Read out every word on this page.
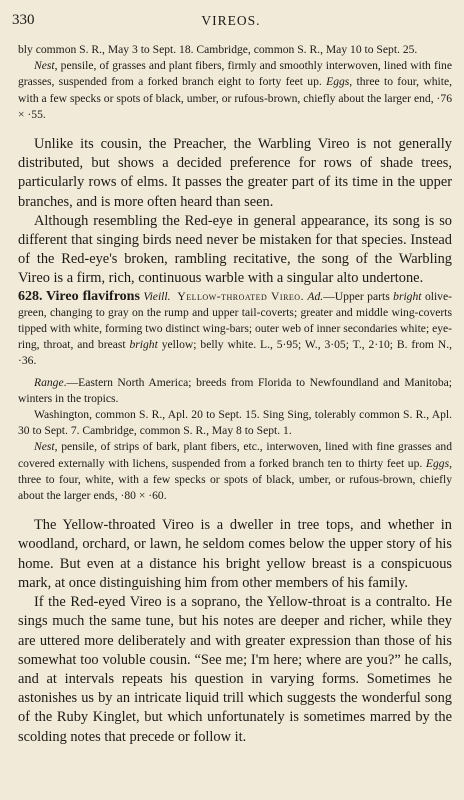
330	VIREOS.

bly common S. R., May 3 to Sept. 18. Cambridge, common S. R., May 10 to Sept. 25.

Nest, pensile, of grasses and plant fibers, firmly and smoothly interwoven, lined with fine grasses, suspended from a forked branch eight to forty feet up. Eggs, three to four, white, with a few specks or spots of black, umber, or rufous-brown, chiefly about the larger end, ·76 × ·55.

Unlike its cousin, the Preacher, the Warbling Vireo is not generally distributed, but shows a decided preference for rows of shade trees, particularly rows of elms. It passes the greater part of its time in the upper branches, and is more often heard than seen.

Although resembling the Red-eye in general appearance, its song is so different that singing birds need never be mistaken for that species. Instead of the Red-eye's broken, rambling recitative, the song of the Warbling Vireo is a firm, rich, continuous warble with a singular alto undertone.

628. Vireo flavifrons Vieill. Yellow-throated Vireo. Ad.—Upper parts bright olive-green, changing to gray on the rump and upper tail-coverts; greater and middle wing-coverts tipped with white, forming two distinct wing-bars; outer web of inner secondaries white; eye-ring, throat, and breast bright yellow; belly white. L., 5·95; W., 3·05; T., 2·10; B. from N., ·36.

Range.—Eastern North America; breeds from Florida to Newfoundland and Manitoba; winters in the tropics.

Washington, common S. R., Apl. 20 to Sept. 15. Sing Sing, tolerably common S. R., Apl. 30 to Sept. 7. Cambridge, common S. R., May 8 to Sept. 1.

Nest, pensile, of strips of bark, plant fibers, etc., interwoven, lined with fine grasses and covered externally with lichens, suspended from a forked branch ten to thirty feet up. Eggs, three to four, white, with a few specks or spots of black, umber, or rufous-brown, chiefly about the larger ends, ·80 × ·60.

The Yellow-throated Vireo is a dweller in tree tops, and whether in woodland, orchard, or lawn, he seldom comes below the upper story of his home. But even at a distance his bright yellow breast is a conspicuous mark, at once distinguishing him from other members of his family.

If the Red-eyed Vireo is a soprano, the Yellow-throat is a contralto. He sings much the same tune, but his notes are deeper and richer, while they are uttered more deliberately and with greater expression than those of his somewhat too voluble cousin. “See me; I'm here; where are you?” he calls, and at intervals repeats his question in varying forms. Sometimes he astonishes us by an intricate liquid trill which suggests the wonderful song of the Ruby Kinglet, but which unfortunately is sometimes marred by the scolding notes that precede or follow it.
